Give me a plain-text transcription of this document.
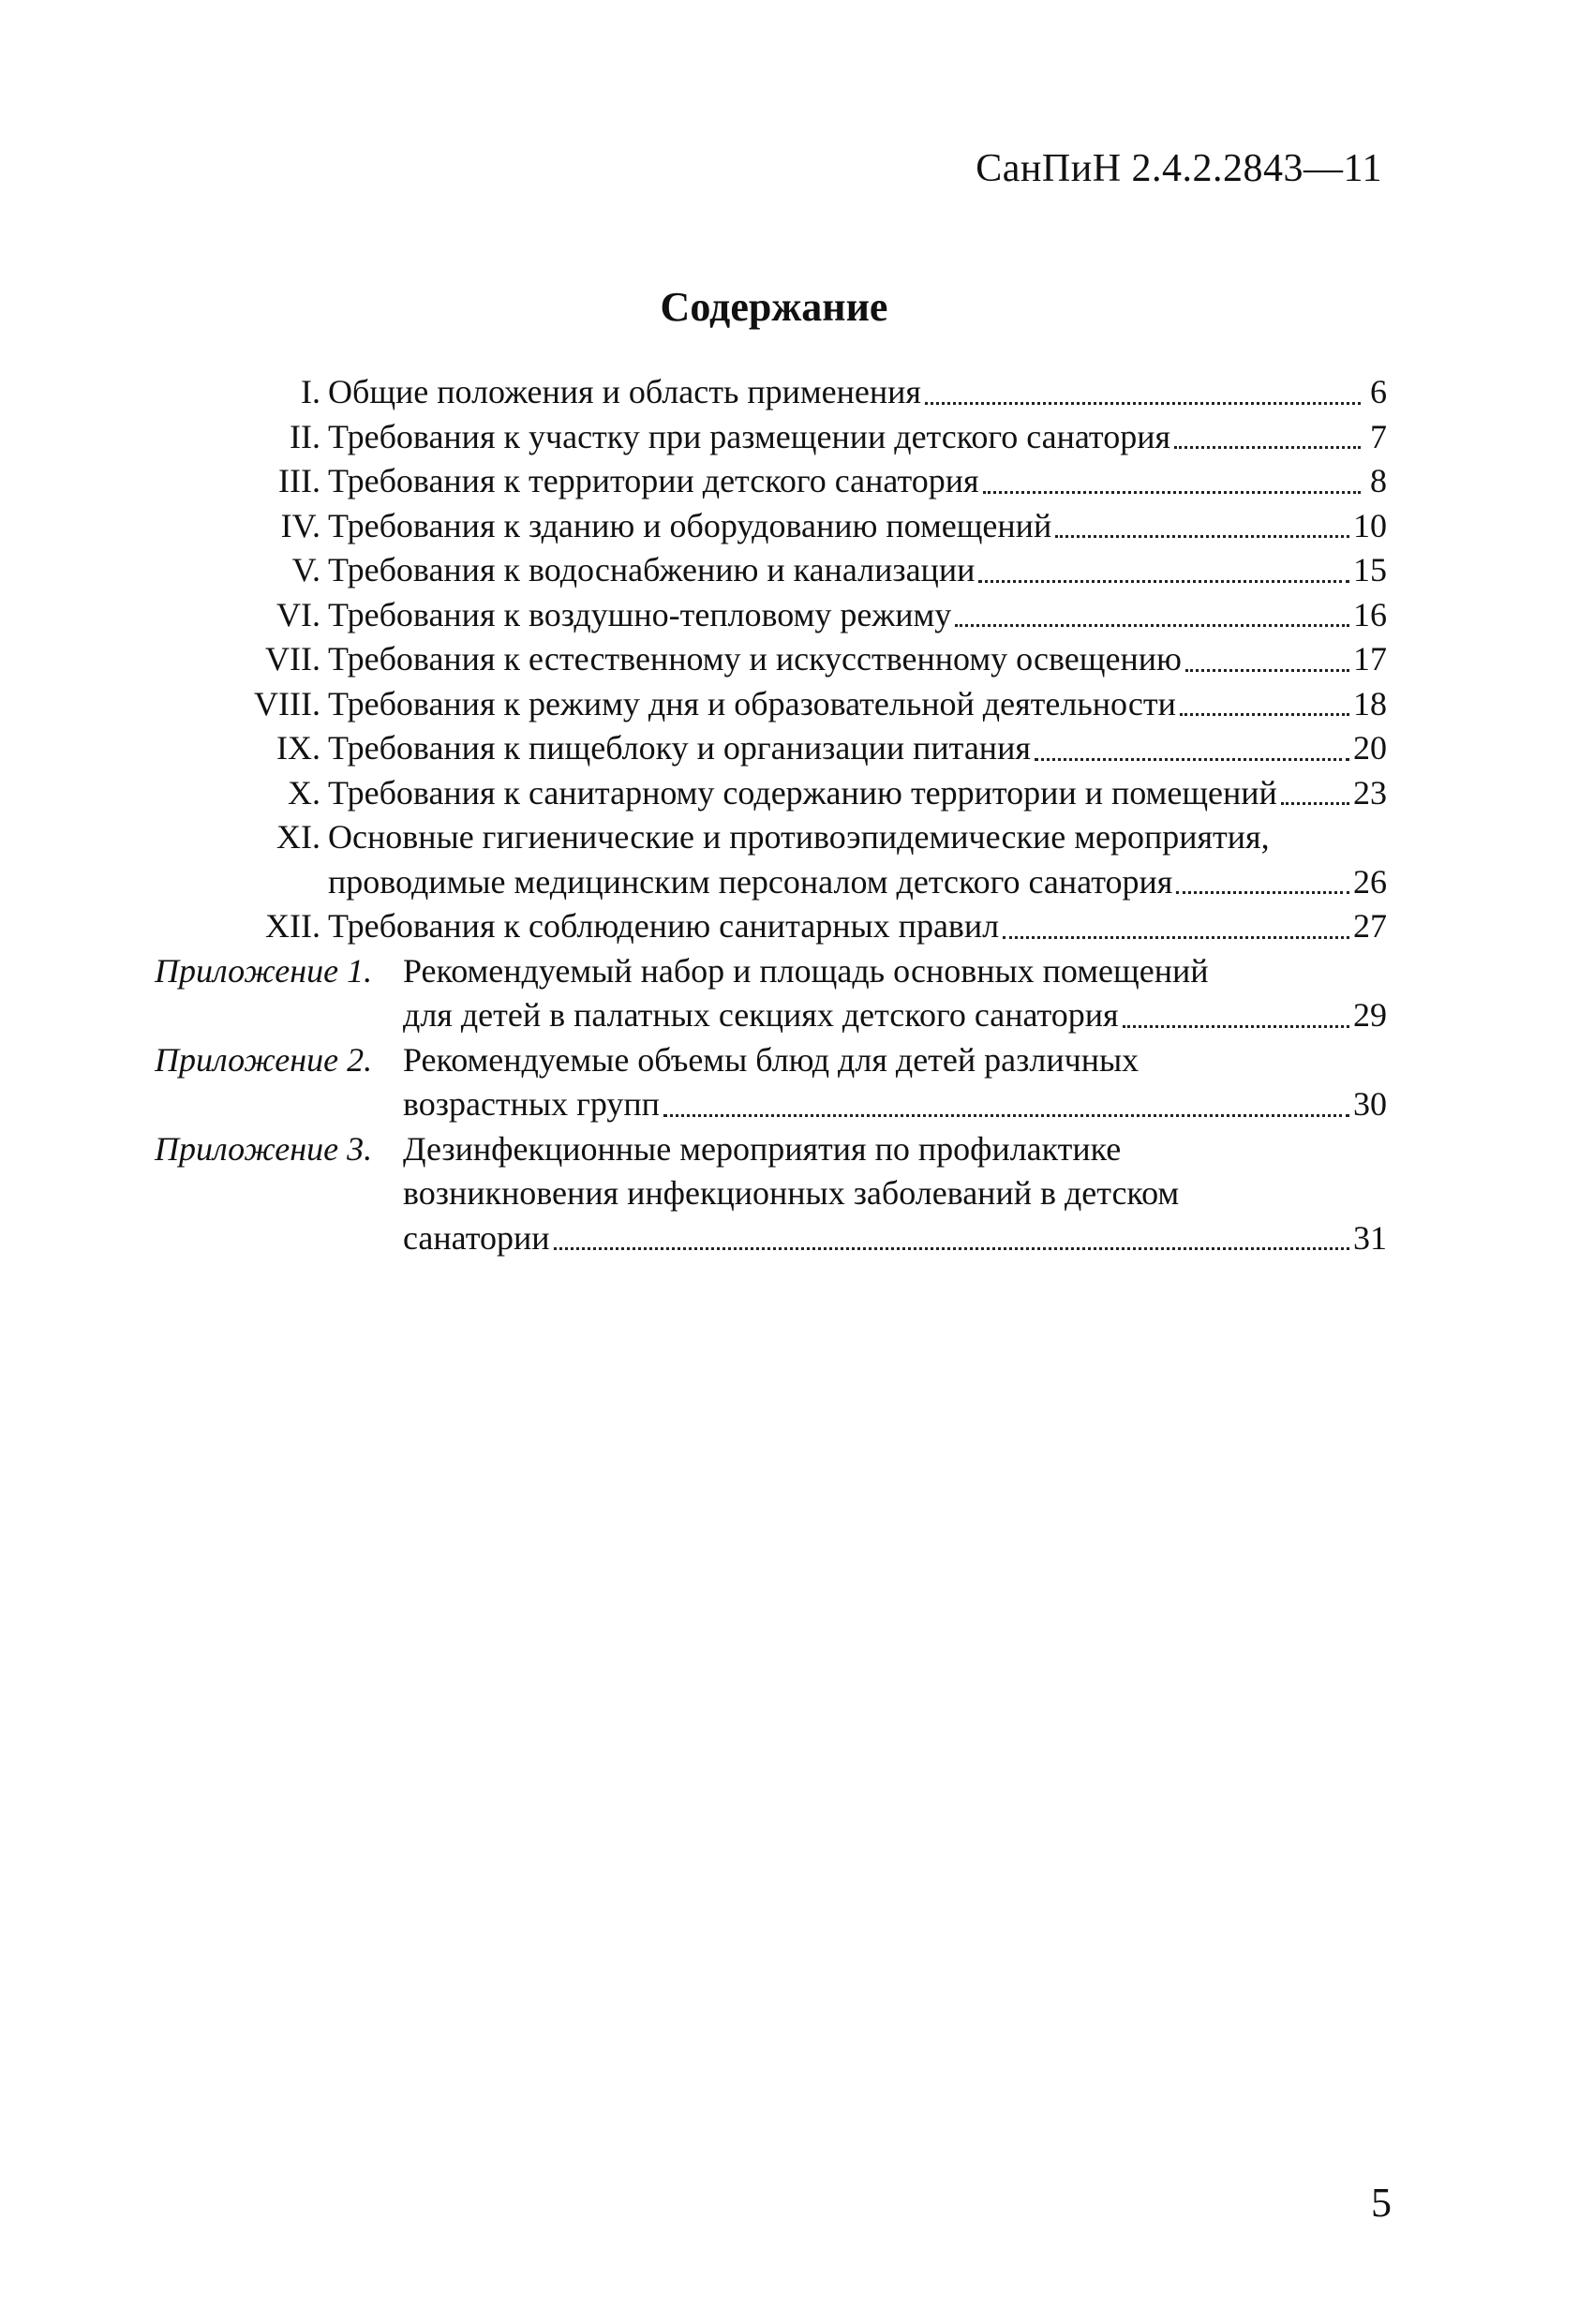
СанПиН 2.4.2.2843—11
Содержание
I. Общие положения и область применения	6
II. Требования к участку при размещении детского санатория	7
III. Требования к территории детского санатория	8
IV. Требования к зданию и оборудованию помещений	10
V. Требования к водоснабжению и канализации	15
VI. Требования к воздушно-тепловому режиму	16
VII. Требования к естественному и искусственному освещению	17
VIII. Требования к режиму дня и образовательной деятельности	18
IX. Требования к пищеблоку и организации питания	20
X. Требования к санитарному содержанию территории и помещений 23
XI. Основные гигиенические и противоэпидемические мероприятия,
проводимые медицинским персоналом детского санатория	26
XII. Требования к соблюдению санитарных правил	27
Приложение 1. Рекомендуемый набор и площадь основных помещений
для детей в палатных секциях детского санатория	29
Приложение 2. Рекомендуемые объемы блюд для детей различных
возрастных групп	30
Приложение 3. Дезинфекционные мероприятия по профилактике
возникновения инфекционных заболеваний в детском
санатории	31
5
